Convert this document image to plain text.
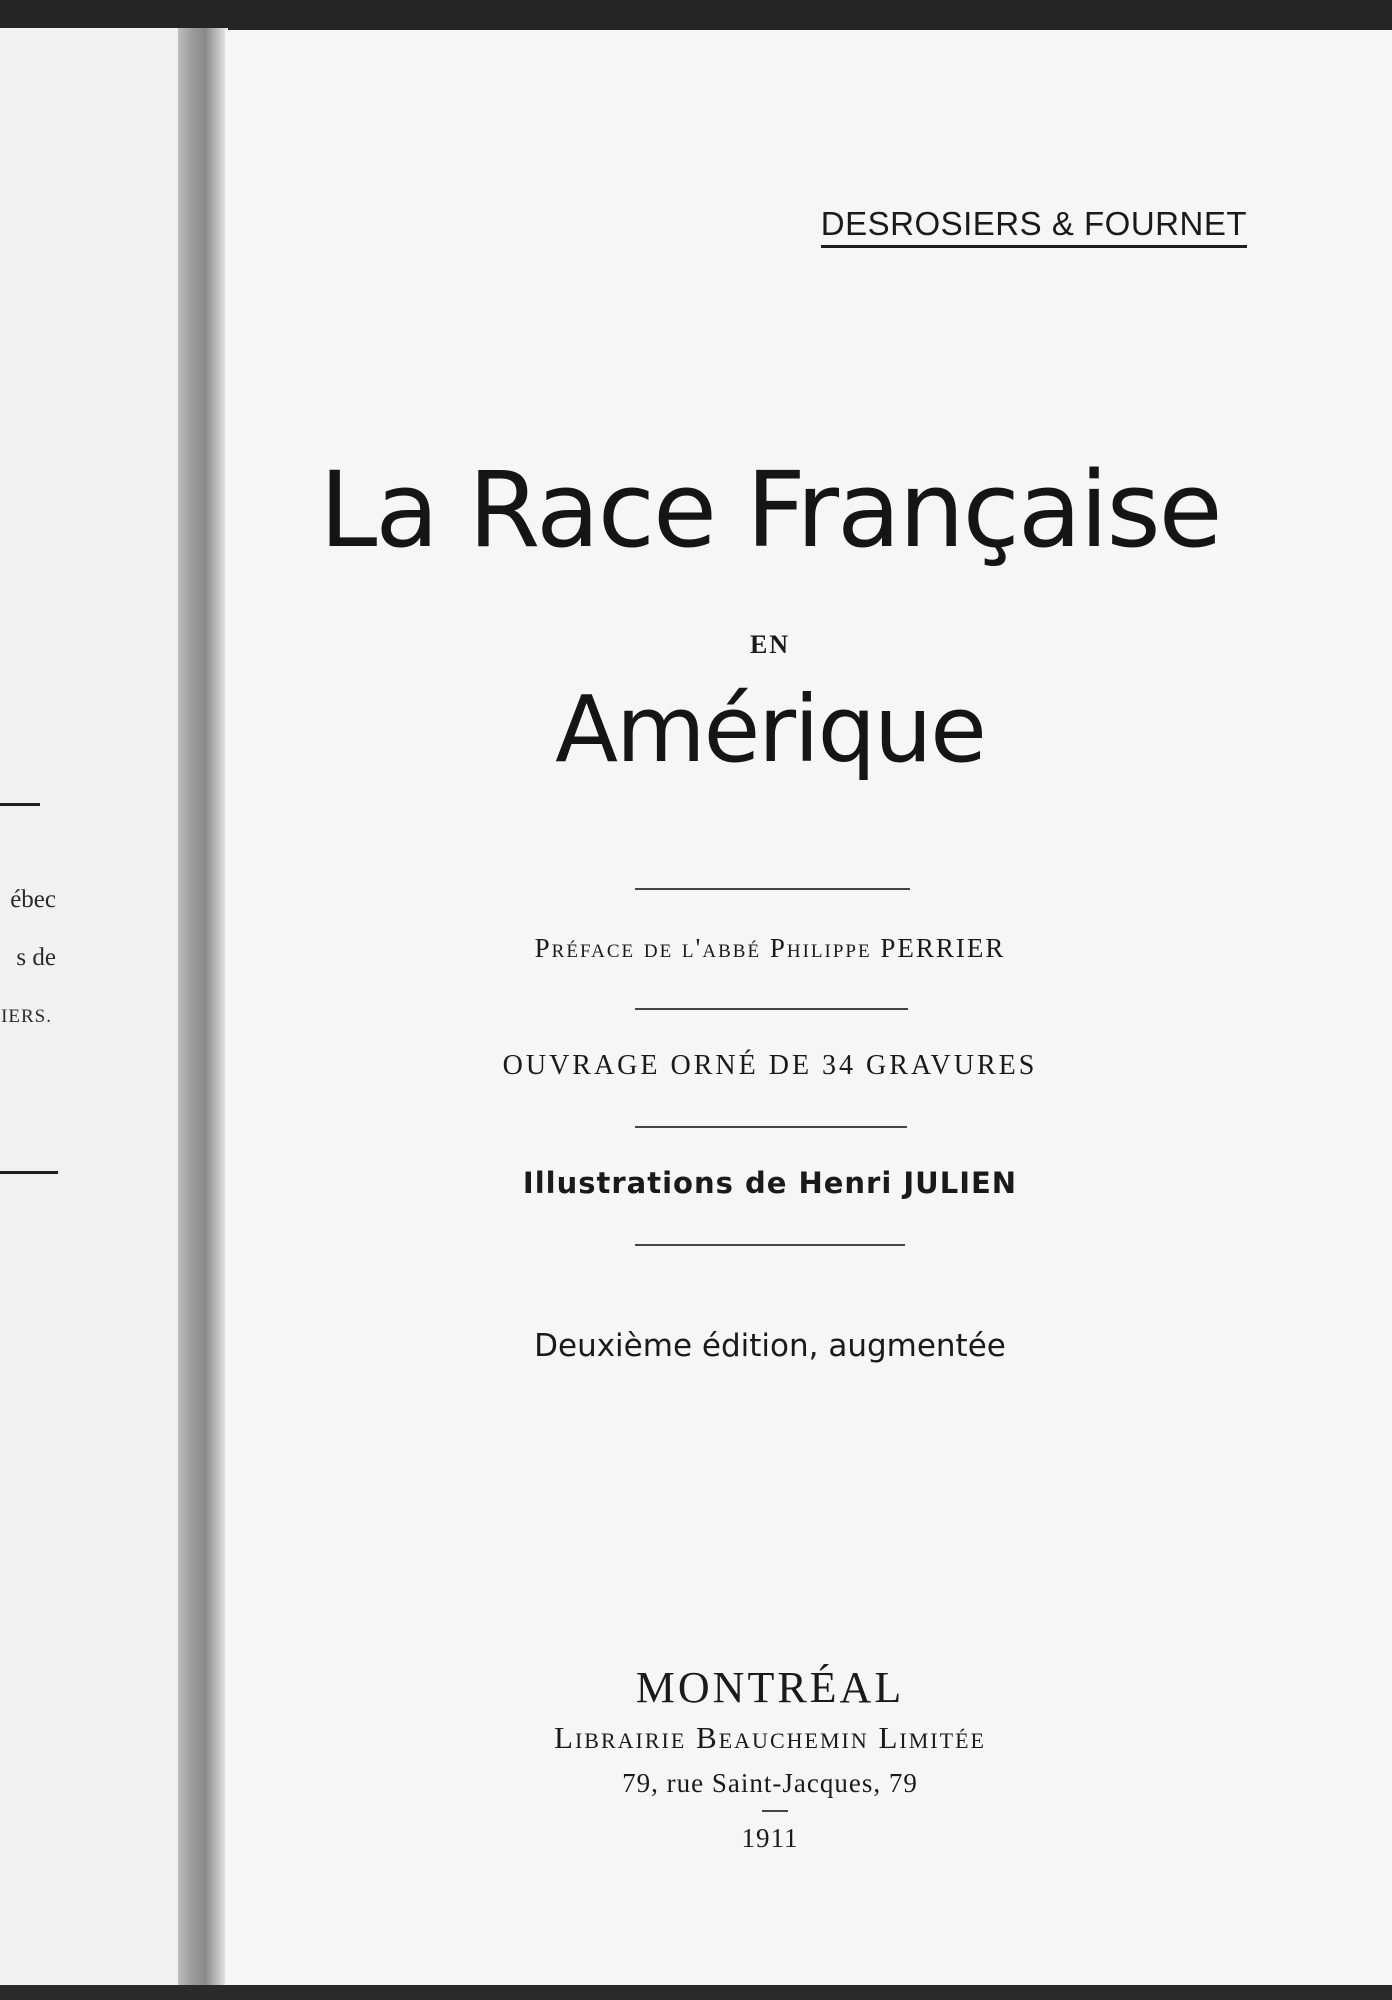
ébec
s de
IERS.
DESROSIERS & FOURNET
La Race Française
EN
Amérique
Préface de l'abbé Philippe PERRIER
OUVRAGE ORNÉ DE 34 GRAVURES
Illustrations de Henri JULIEN
Deuxième édition, augmentée
MONTRÉAL
Librairie Beauchemin Limitée
79, rue Saint-Jacques, 79
1911
